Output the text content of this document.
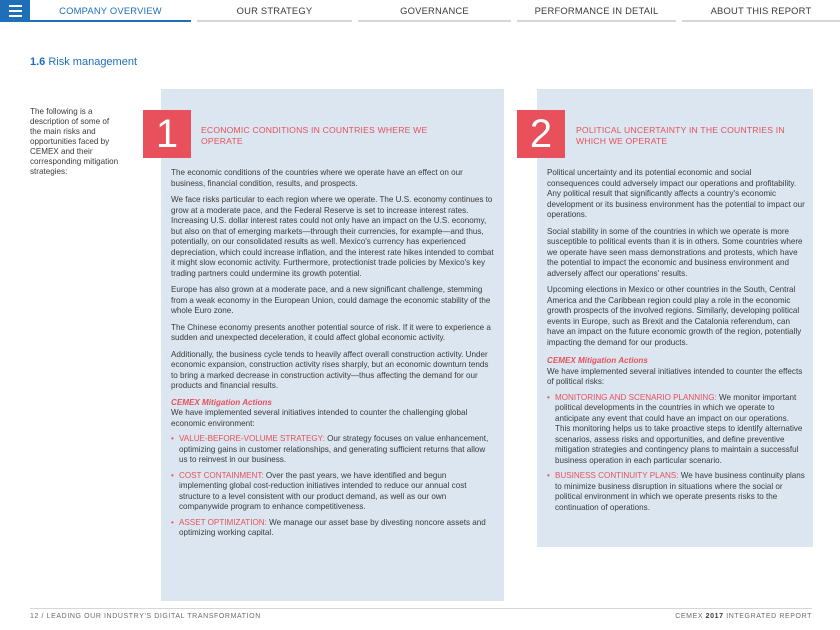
COMPANY OVERVIEW	OUR STRATEGY	GOVERNANCE	PERFORMANCE IN DETAIL	ABOUT THIS REPORT
1.6 Risk management
The following is a description of some of the main risks and opportunities faced by CEMEX and their corresponding mitigation strategies:
1	ECONOMIC CONDITIONS IN COUNTRIES WHERE WE OPERATE

The economic conditions of the countries where we operate have an effect on our business, financial condition, results, and prospects.

We face risks particular to each region where we operate. The U.S. economy continues to grow at a moderate pace, and the Federal Reserve is set to increase interest rates. Increasing U.S. dollar interest rates could not only have an impact on the U.S. economy, but also on that of emerging markets—through their currencies, for example—and thus, potentially, on our consolidated results as well. Mexico's currency has experienced depreciation, which could increase inflation, and the interest rate hikes intended to combat it might slow economic activity. Furthermore, protectionist trade policies by Mexico's key trading partners could undermine its growth potential.

Europe has also grown at a moderate pace, and a new significant challenge, stemming from a weak economy in the European Union, could damage the economic stability of the whole Euro zone.

The Chinese economy presents another potential source of risk. If it were to experience a sudden and unexpected deceleration, it could affect global economic activity.

Additionally, the business cycle tends to heavily affect overall construction activity. Under economic expansion, construction activity rises sharply, but an economic downturn tends to bring a marked decrease in construction activity—thus affecting the demand for our products and financial results.

CEMEX Mitigation Actions
We have implemented several initiatives intended to counter the challenging global economic environment:
• VALUE-BEFORE-VOLUME STRATEGY: Our strategy focuses on value enhancement, optimizing gains in customer relationships, and generating sufficient returns that allow us to reinvest in our business.
• COST CONTAINMENT: Over the past years, we have identified and begun implementing global cost-reduction initiatives intended to reduce our annual cost structure to a level consistent with our product demand, as well as our own companywide program to enhance competitiveness.
• ASSET OPTIMIZATION: We manage our asset base by divesting noncore assets and optimizing working capital.
2	POLITICAL UNCERTAINTY IN THE COUNTRIES IN WHICH WE OPERATE

Political uncertainty and its potential economic and social consequences could adversely impact our operations and profitability. Any political result that significantly affects a country's economic development or its business environment has the potential to impact our operations.

Social stability in some of the countries in which we operate is more susceptible to political events than it is in others. Some countries where we operate have seen mass demonstrations and protests, which have the potential to impact the economic and business environment and adversely affect our operations' results.

Upcoming elections in Mexico or other countries in the South, Central America and the Caribbean region could play a role in the economic growth prospects of the involved regions. Similarly, developing political events in Europe, such as Brexit and the Catalonia referendum, can have an impact on the future economic growth of the region, potentially impacting the demand for our products.

CEMEX Mitigation Actions
We have implemented several initiatives intended to counter the effects of political risks:
• MONITORING AND SCENARIO PLANNING: We monitor important political developments in the countries in which we operate to anticipate any event that could have an impact on our operations. This monitoring helps us to take proactive steps to identify alternative scenarios, assess risks and opportunities, and define preventive mitigation strategies and contingency plans to maintain a successful business operation in each particular scenario.
• BUSINESS CONTINUITY PLANS: We have business continuity plans to minimize business disruption in situations where the social or political environment in which we operate presents risks to the continuation of operations.
12 / LEADING OUR INDUSTRY'S DIGITAL TRANSFORMATION	CEMEX 2017 INTEGRATED REPORT
